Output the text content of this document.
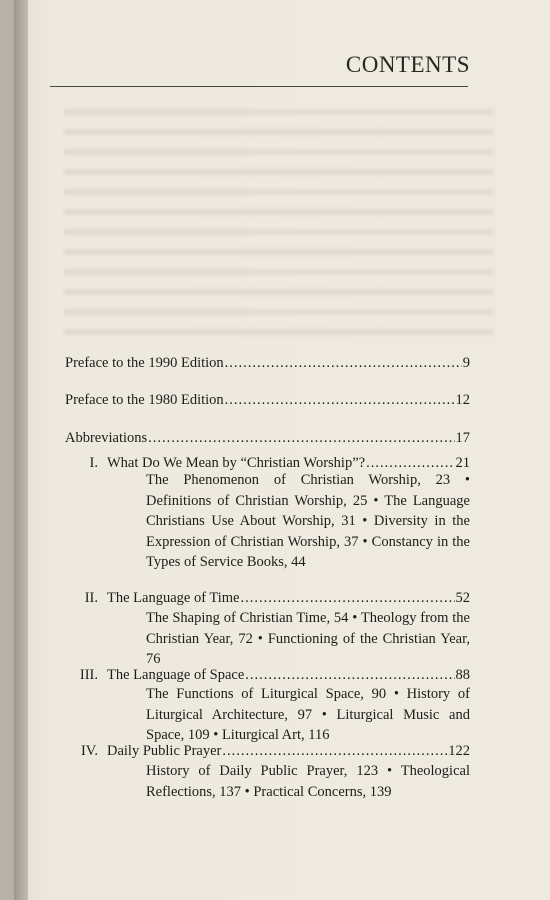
CONTENTS
Preface to the 1990 Edition .....	9
Preface to the 1980 Edition .....	12
Abbreviations .....	17
I. What Do We Mean by “Christian Worship”? .....	21
The Phenomenon of Christian Worship, 23 • Definitions of Christian Worship, 25 • The Language Christians Use About Worship, 31 • Diversity in the Expression of Christian Worship, 37 • Constancy in the Types of Service Books, 44
II. The Language of Time .....	52
The Shaping of Christian Time, 54 • Theology from the Christian Year, 72 • Functioning of the Christian Year, 76
III. The Language of Space .....	88
The Functions of Liturgical Space, 90 • History of Liturgical Architecture, 97 • Liturgical Music and Space, 109 • Liturgical Art, 116
IV. Daily Public Prayer .....	122
History of Daily Public Prayer, 123 • Theological Reflections, 137 • Practical Concerns, 139
